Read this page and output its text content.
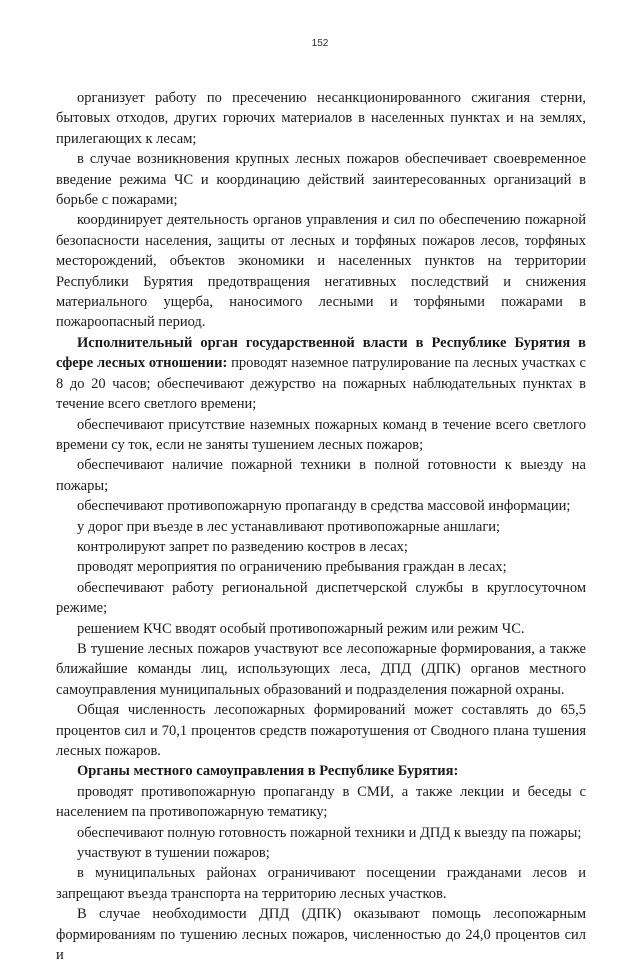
152

организует работу по пресечению несанкционированного сжигания стерни, бытовых отходов, других горючих материалов в населенных пунктах и на землях, прилегающих к лесам;

в случае возникновения крупных лесных пожаров обеспечивает своевременное введение режима ЧС и координацию действий заинтересованных организаций в борьбе с пожарами;

координирует деятельность органов управления и сил по обеспечению пожарной безопасности населения, защиты от лесных и торфяных пожаров лесов, торфяных месторождений, объектов экономики и населенных пунктов на территории Республики Бурятия предотвращения негативных последствий и снижения материального ущерба, наносимого лесными и торфяными пожарами в пожароопасный период.

Исполнительный орган государственной власти в Республике Бурятия в сфере лесных отношении: проводят наземное патрулирование па лесных участках с 8 до 20 часов; обеспечивают дежурство на пожарных наблюдательных пунктах в течение всего светлого времени;

обеспечивают присутствие наземных пожарных команд в течение всего светлого времени су ток, если не заняты тушением лесных пожаров;

обеспечивают наличие пожарной техники в полной готовности к выезду на пожары;

обеспечивают противопожарную пропаганду в средства массовой информации;

у дорог при въезде в лес устанавливают противопожарные аншлаги;

контролируют запрет по разведению костров в лесах;

проводят мероприятия по ограничению пребывания граждан в лесах;

обеспечивают работу региональной диспетчерской службы в круглосуточном режиме;

решением КЧС вводят особый противопожарный режим или режим ЧС.

В тушение лесных пожаров участвуют все лесопожарные формирования, а также ближайшие команды лиц, использующих леса, ДПД (ДПК) органов местного самоуправления муниципальных образований и подразделения пожарной охраны.

Общая численность лесопожарных формирований может составлять до 65,5 процентов сил и 70,1 процентов средств пожаротушения от Сводного плана тушения лесных пожаров.

Органы местного самоуправления в Республике Бурятия:

проводят противопожарную пропаганду в СМИ, а также лекции и беседы с населением па противопожарную тематику;

обеспечивают полную готовность пожарной техники и ДПД к выезду па пожары;

участвуют в тушении пожаров;

в муниципальных районах ограничивают посещении гражданами лесов и запрещают въезда транспорта на территорию лесных участков.

В случае необходимости ДПД (ДПК) оказывают помощь лесопожарным формированиям по тушению лесных пожаров, численностью до 24,0 процентов сил и
